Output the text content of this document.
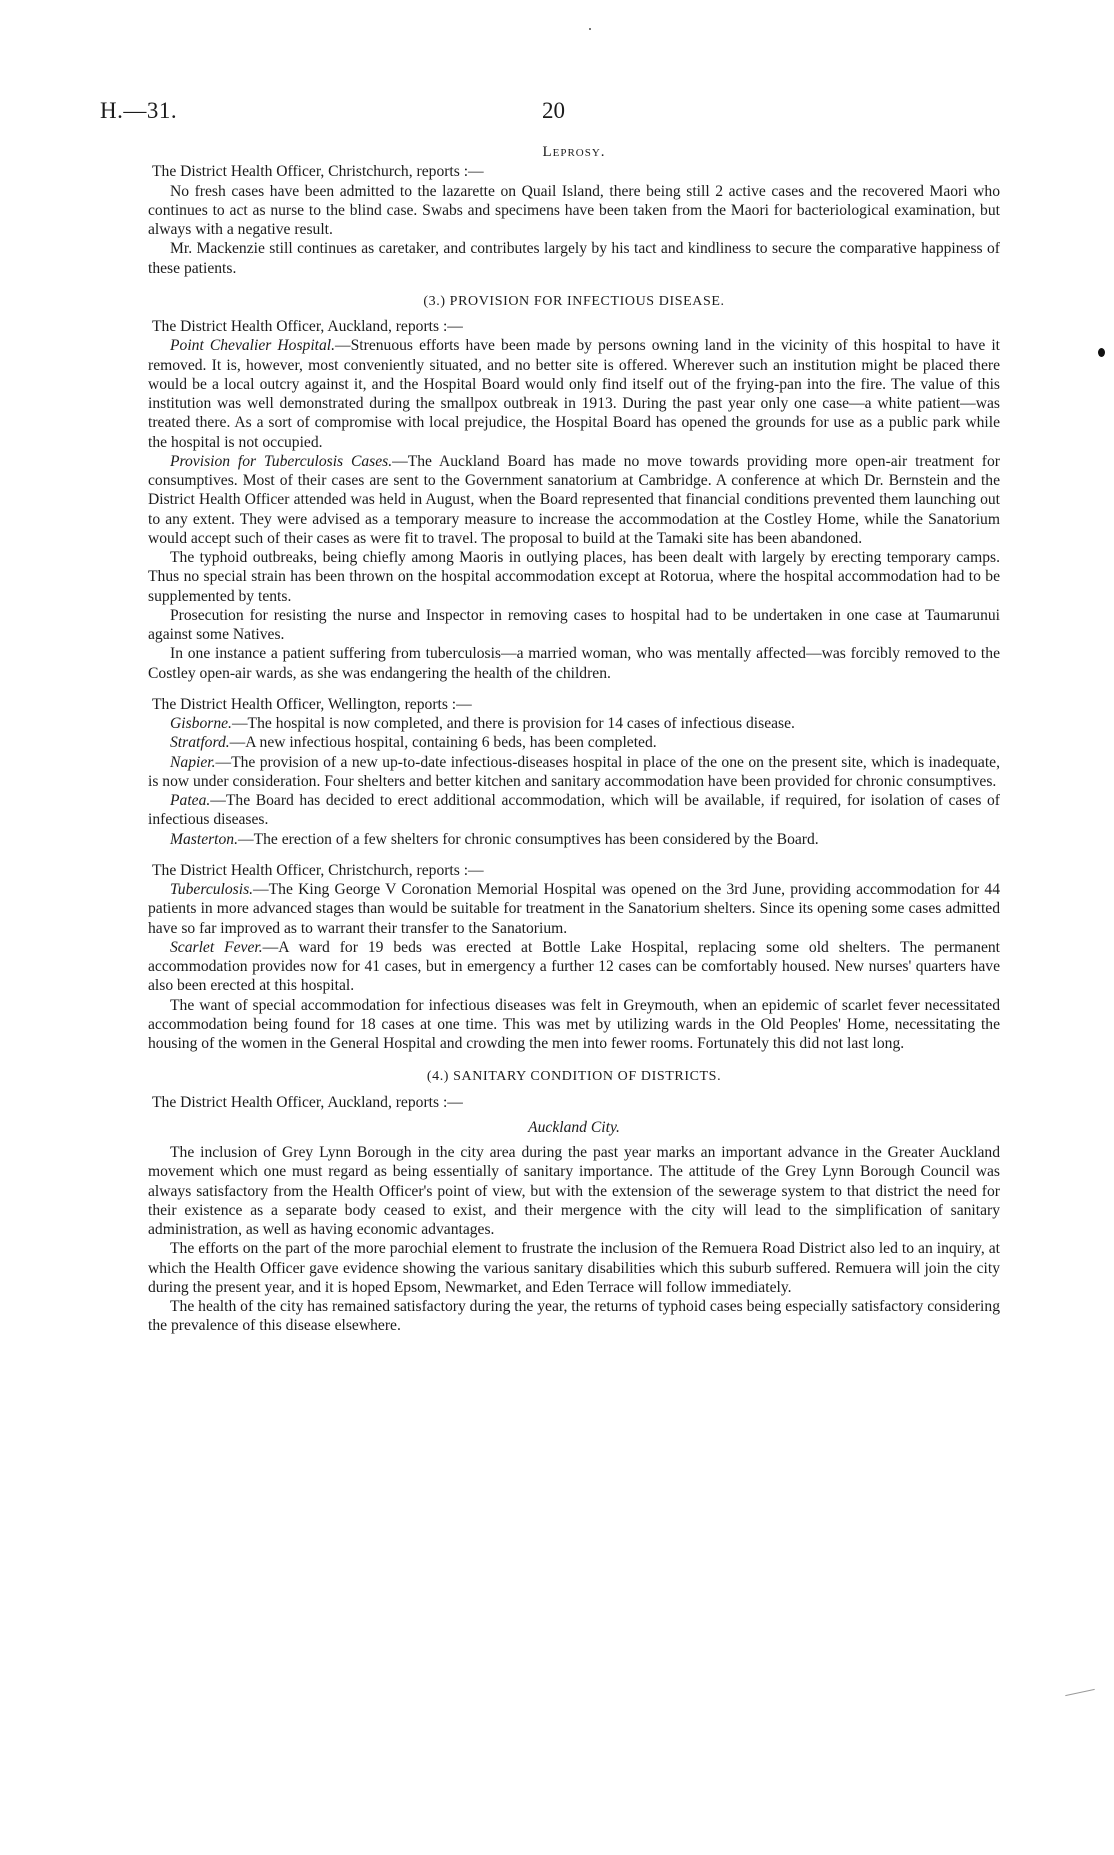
H.—31.	20

Leprosy.

The District Health Officer, Christchurch, reports :—

No fresh cases have been admitted to the lazarette on Quail Island, there being still 2 active cases and the recovered Maori who continues to act as nurse to the blind case. Swabs and specimens have been taken from the Maori for bacteriological examination, but always with a negative result.

Mr. Mackenzie still continues as caretaker, and contributes largely by his tact and kindliness to secure the comparative happiness of these patients.

(3.) PROVISION FOR INFECTIOUS DISEASE.

The District Health Officer, Auckland, reports :—

Point Chevalier Hospital.—Strenuous efforts have been made by persons owning land in the vicinity of this hospital to have it removed. It is, however, most conveniently situated, and no better site is offered. Wherever such an institution might be placed there would be a local outcry against it, and the Hospital Board would only find itself out of the frying-pan into the fire. The value of this institution was well demonstrated during the smallpox outbreak in 1913. During the past year only one case—a white patient—was treated there. As a sort of compromise with local prejudice, the Hospital Board has opened the grounds for use as a public park while the hospital is not occupied.

Provision for Tuberculosis Cases.—The Auckland Board has made no move towards providing more open-air treatment for consumptives. Most of their cases are sent to the Government sanatorium at Cambridge. A conference at which Dr. Bernstein and the District Health Officer attended was held in August, when the Board represented that financial conditions prevented them launching out to any extent. They were advised as a temporary measure to increase the accommodation at the Costley Home, while the Sanatorium would accept such of their cases as were fit to travel. The proposal to build at the Tamaki site has been abandoned.

The typhoid outbreaks, being chiefly among Maoris in outlying places, has been dealt with largely by erecting temporary camps. Thus no special strain has been thrown on the hospital accommodation except at Rotorua, where the hospital accommodation had to be supplemented by tents.

Prosecution for resisting the nurse and Inspector in removing cases to hospital had to be undertaken in one case at Taumarunui against some Natives.

In one instance a patient suffering from tuberculosis—a married woman, who was mentally affected—was forcibly removed to the Costley open-air wards, as she was endangering the health of the children.

The District Health Officer, Wellington, reports :—

Gisborne.—The hospital is now completed, and there is provision for 14 cases of infectious disease.

Stratford.—A new infectious hospital, containing 6 beds, has been completed.

Napier.—The provision of a new up-to-date infectious-diseases hospital in place of the one on the present site, which is inadequate, is now under consideration. Four shelters and better kitchen and sanitary accommodation have been provided for chronic consumptives.

Patea.—The Board has decided to erect additional accommodation, which will be available, if required, for isolation of cases of infectious diseases.

Masterton.—The erection of a few shelters for chronic consumptives has been considered by the Board.

The District Health Officer, Christchurch, reports :—

Tuberculosis.—The King George V Coronation Memorial Hospital was opened on the 3rd June, providing accommodation for 44 patients in more advanced stages than would be suitable for treatment in the Sanatorium shelters. Since its opening some cases admitted have so far improved as to warrant their transfer to the Sanatorium.

Scarlet Fever.—A ward for 19 beds was erected at Bottle Lake Hospital, replacing some old shelters. The permanent accommodation provides now for 41 cases, but in emergency a further 12 cases can be comfortably housed. New nurses' quarters have also been erected at this hospital.

The want of special accommodation for infectious diseases was felt in Greymouth, when an epidemic of scarlet fever necessitated accommodation being found for 18 cases at one time. This was met by utilizing wards in the Old Peoples' Home, necessitating the housing of the women in the General Hospital and crowding the men into fewer rooms. Fortunately this did not last long.

(4.) SANITARY CONDITION OF DISTRICTS.

The District Health Officer, Auckland, reports :—

Auckland City.

The inclusion of Grey Lynn Borough in the city area during the past year marks an important advance in the Greater Auckland movement which one must regard as being essentially of sanitary importance. The attitude of the Grey Lynn Borough Council was always satisfactory from the Health Officer's point of view, but with the extension of the sewerage system to that district the need for their existence as a separate body ceased to exist, and their mergence with the city will lead to the simplification of sanitary administration, as well as having economic advantages.

The efforts on the part of the more parochial element to frustrate the inclusion of the Remuera Road District also led to an inquiry, at which the Health Officer gave evidence showing the various sanitary disabilities which this suburb suffered. Remuera will join the city during the present year, and it is hoped Epsom, Newmarket, and Eden Terrace will follow immediately.

The health of the city has remained satisfactory during the year, the returns of typhoid cases being especially satisfactory considering the prevalence of this disease elsewhere.
